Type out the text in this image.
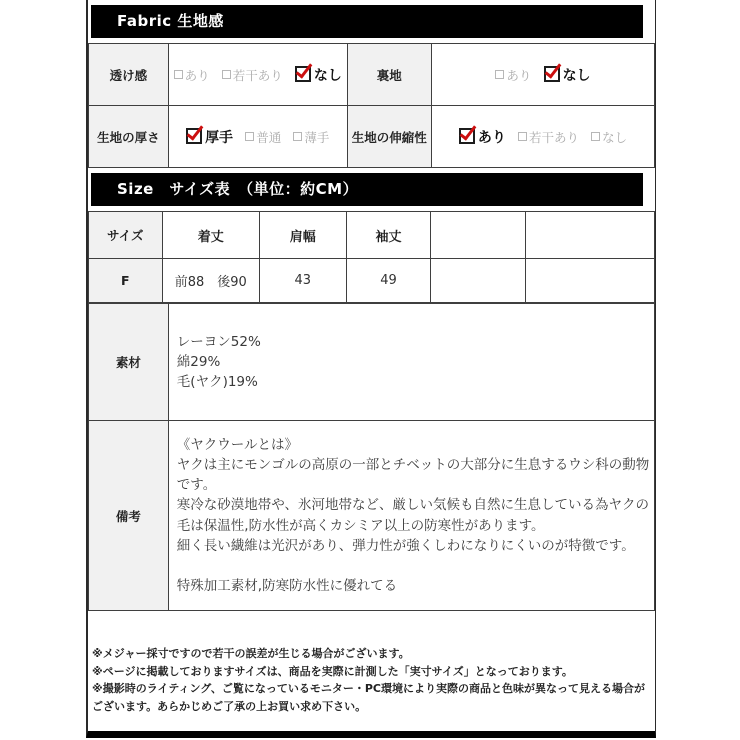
Fabric 生地感
透け感	あり 若干あり なし	裏地	あり なし
生地の厚さ	厚手 普通 薄手	生地の伸縮性	あり 若干あり なし
Size　サイズ表　（単位：約CM）
サイズ	着丈	肩幅	袖丈		
F	前88　後90	43	49		
素材	レーヨン52%
綿29%
毛(ヤク)19%

備考	《ヤクウールとは》
ヤクは主にモンゴルの高原の一部とチベットの大部分に生息するウシ科の動物です。
寒冷な砂漠地帯や、氷河地帯など、厳しい気候も自然に生息している為ヤクの毛は保温性,防水性が高くカシミア以上の防寒性があります。
細く長い繊維は光沢があり、弾力性が強くしわになりにくいのが特徴です。
特殊加工素材,防寒防水性に優れてる
※メジャー採寸ですので若干の誤差が生じる場合がございます。
※ページに掲載しておりますサイズは、商品を実際に計測した「実寸サイズ」となっております。
※撮影時のライティング、ご覧になっているモニター・PC環境により実際の商品と色味が異なって見える場合がございます。あらかじめご了承の上お買い求め下さい。
